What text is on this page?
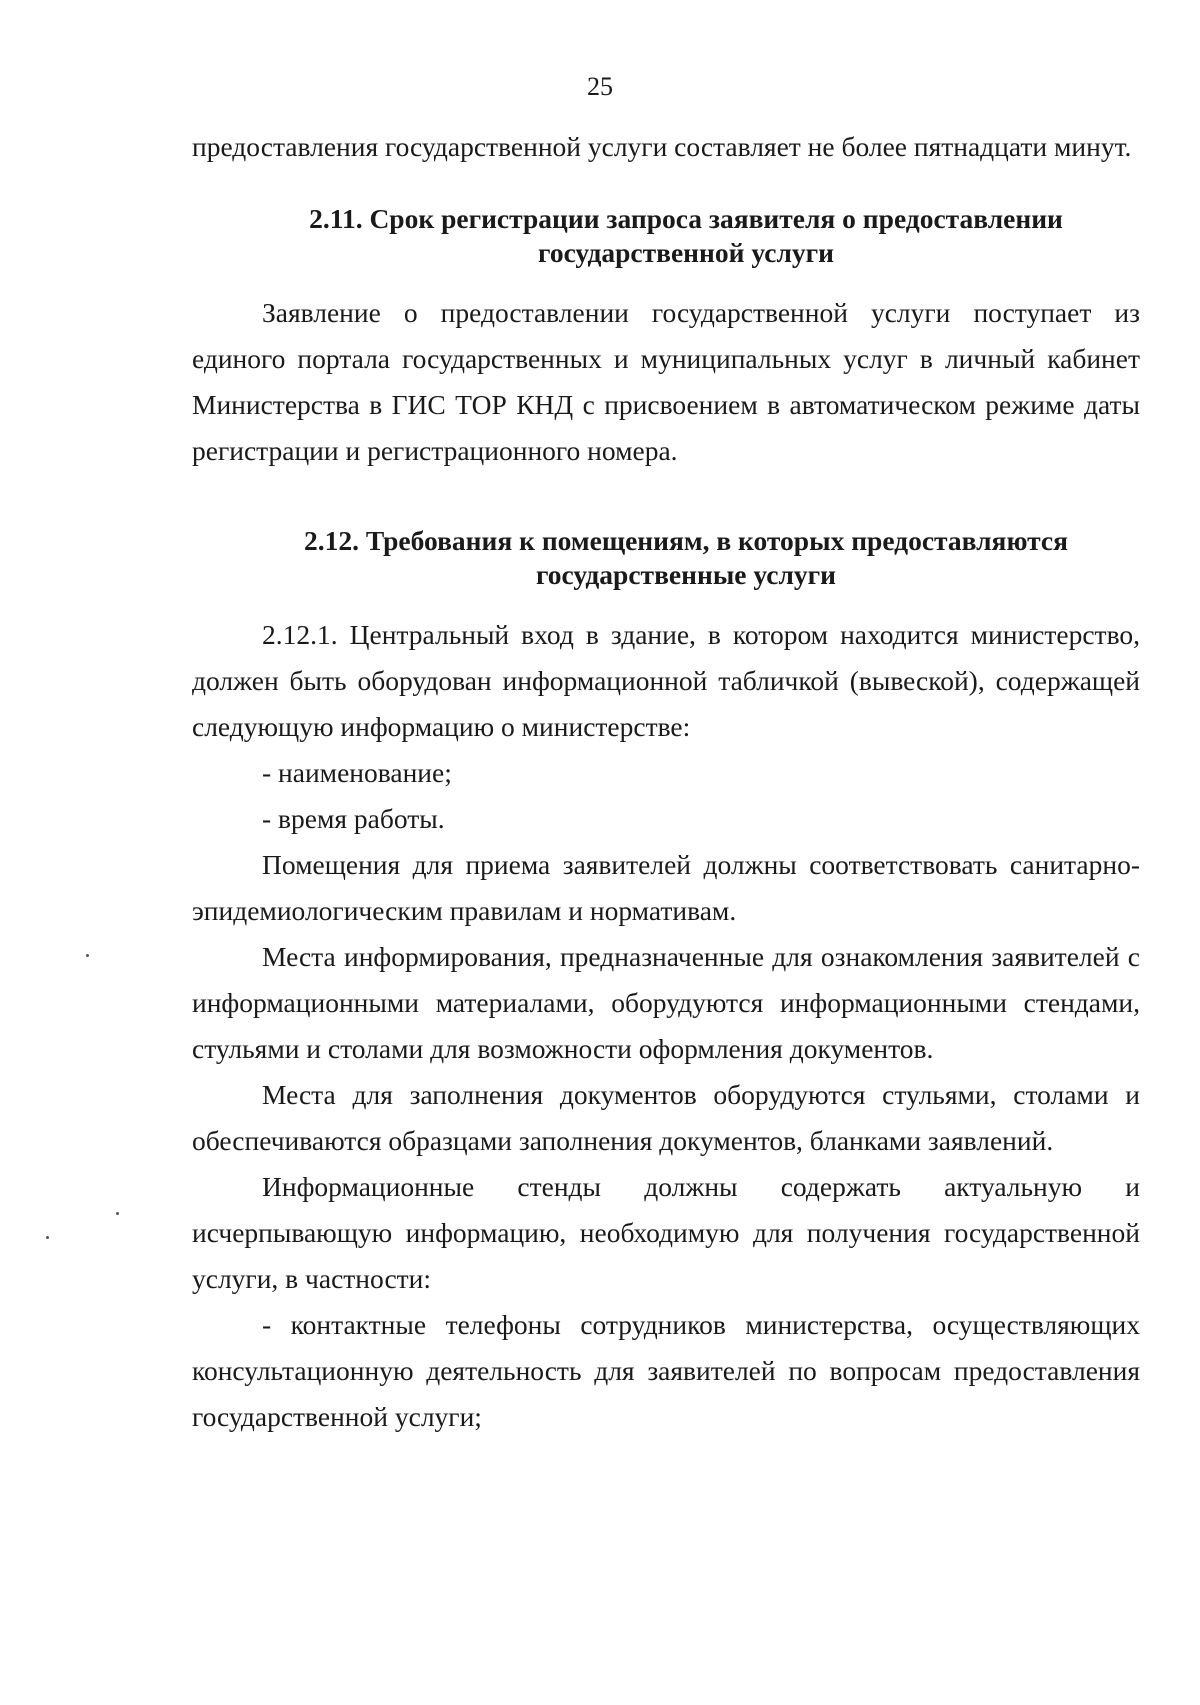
25

предоставления государственной услуги составляет не более пятнадцати минут.

2.11. Срок регистрации запроса заявителя о предоставлении
государственной услуги

Заявление о предоставлении государственной услуги поступает из единого портала государственных и муниципальных услуг в личный кабинет Министерства в ГИС ТОР КНД с присвоением в автоматическом режиме даты регистрации и регистрационного номера.

2.12. Требования к помещениям, в которых предоставляются
государственные услуги

2.12.1. Центральный вход в здание, в котором находится министерство, должен быть оборудован информационной табличкой (вывеской), содержащей следующую информацию о министерстве:

- наименование;

- время работы.

Помещения для приема заявителей должны соответствовать санитарно-эпидемиологическим правилам и нормативам.

Места информирования, предназначенные для ознакомления заявителей с информационными материалами, оборудуются информационными стендами, стульями и столами для возможности оформления документов.

Места для заполнения документов оборудуются стульями, столами и обеспечиваются образцами заполнения документов, бланками заявлений.

Информационные стенды должны содержать актуальную и исчерпывающую информацию, необходимую для получения государственной услуги, в частности:

- контактные телефоны сотрудников министерства, осуществляющих консультационную деятельность для заявителей по вопросам предоставления государственной услуги;
